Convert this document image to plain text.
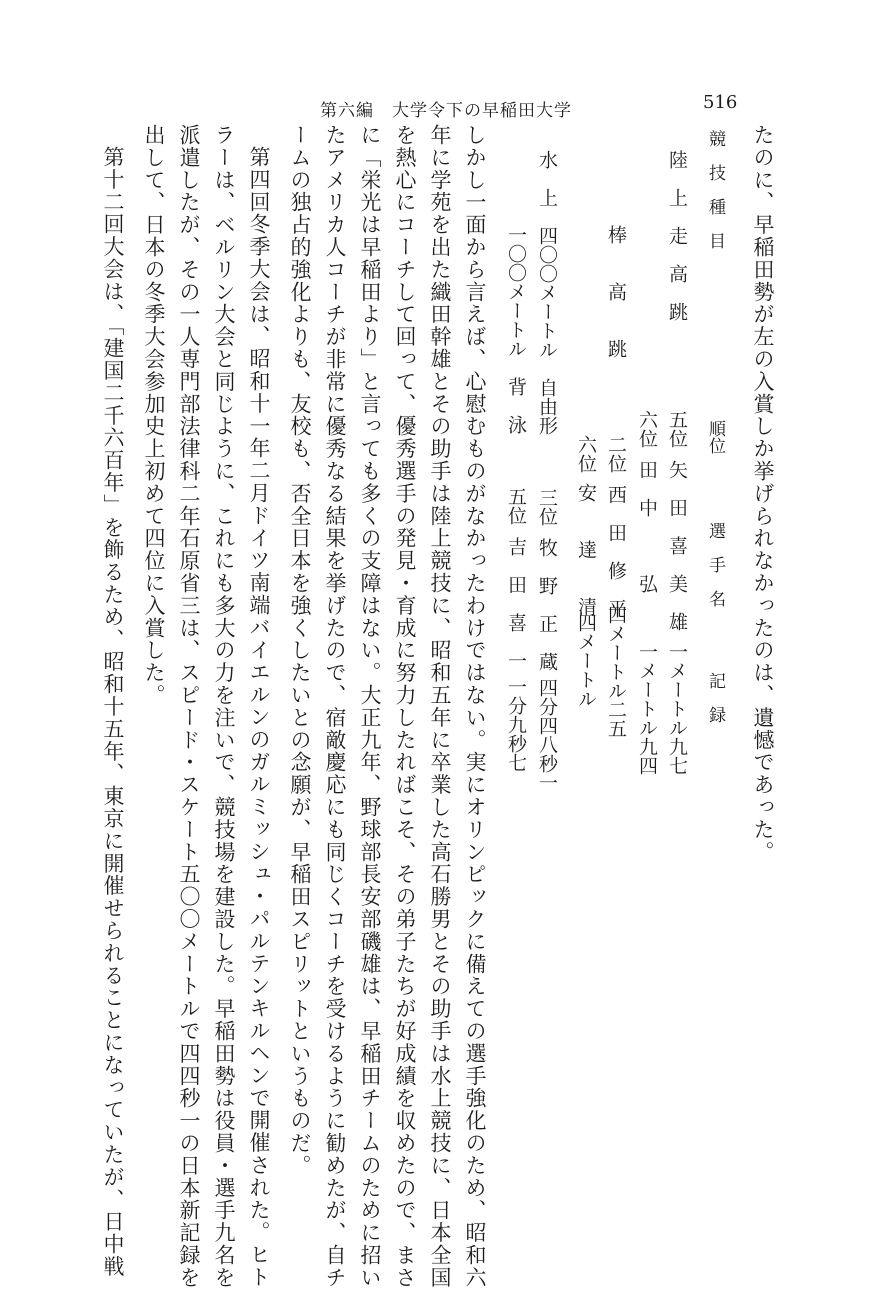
第六編　大学令下の早稲田大学	516
たのに、早稲田勢が左の入賞しか挙げられなかったのは、遺憾であった。
競　技　種　目順位選　手　名記　録
陸　上　走　高　跳五位矢　田　喜　美　雄一メートル九七
六位田　中　　　弘一メートル九四
棒　　高　　跳二位西　田　修　平四メートル二五
六位安　　達　　清四メートル
水　上　四〇〇メートル　自由形三位牧　野　正　蔵四分四八秒一
一〇〇メートル　背　泳五位吉　田　喜　一一分九秒七
しかし一面から言えば、心慰むものがなかったわけではない。実にオリンピックに備えての選手強化のため、昭和六
年に学苑を出た織田幹雄とその助手は陸上競技に、昭和五年に卒業した高石勝男とその助手は水上競技に、日本全国
を熱心にコーチして回って、優秀選手の発見・育成に努力したればこそ、その弟子たちが好成績を収めたので、まさ
に「栄光は早稲田より」と言っても多くの支障はない。大正九年、野球部長安部磯雄は、早稲田チームのために招い
たアメリカ人コーチが非常に優秀なる結果を挙げたので、宿敵慶応にも同じくコーチを受けるように勧めたが、自チ
ームの独占的強化よりも、友校も、否全日本を強くしたいとの念願が、早稲田スピリットというものだ。
第四回冬季大会は、昭和十一年二月ドイツ南端バイエルンのガルミッシュ・パルテンキルヘンで開催された。ヒト
ラーは、ベルリン大会と同じように、これにも多大の力を注いで、競技場を建設した。早稲田勢は役員・選手九名を
派遣したが、その一人専門部法律科二年石原省三は、スピード・スケート五〇〇メートルで四四秒一の日本新記録を
出して、日本の冬季大会参加史上初めて四位に入賞した。
第十二回大会は、「建国二千六百年」を飾るため、昭和十五年、東京に開催せられることになっていたが、日中戦
